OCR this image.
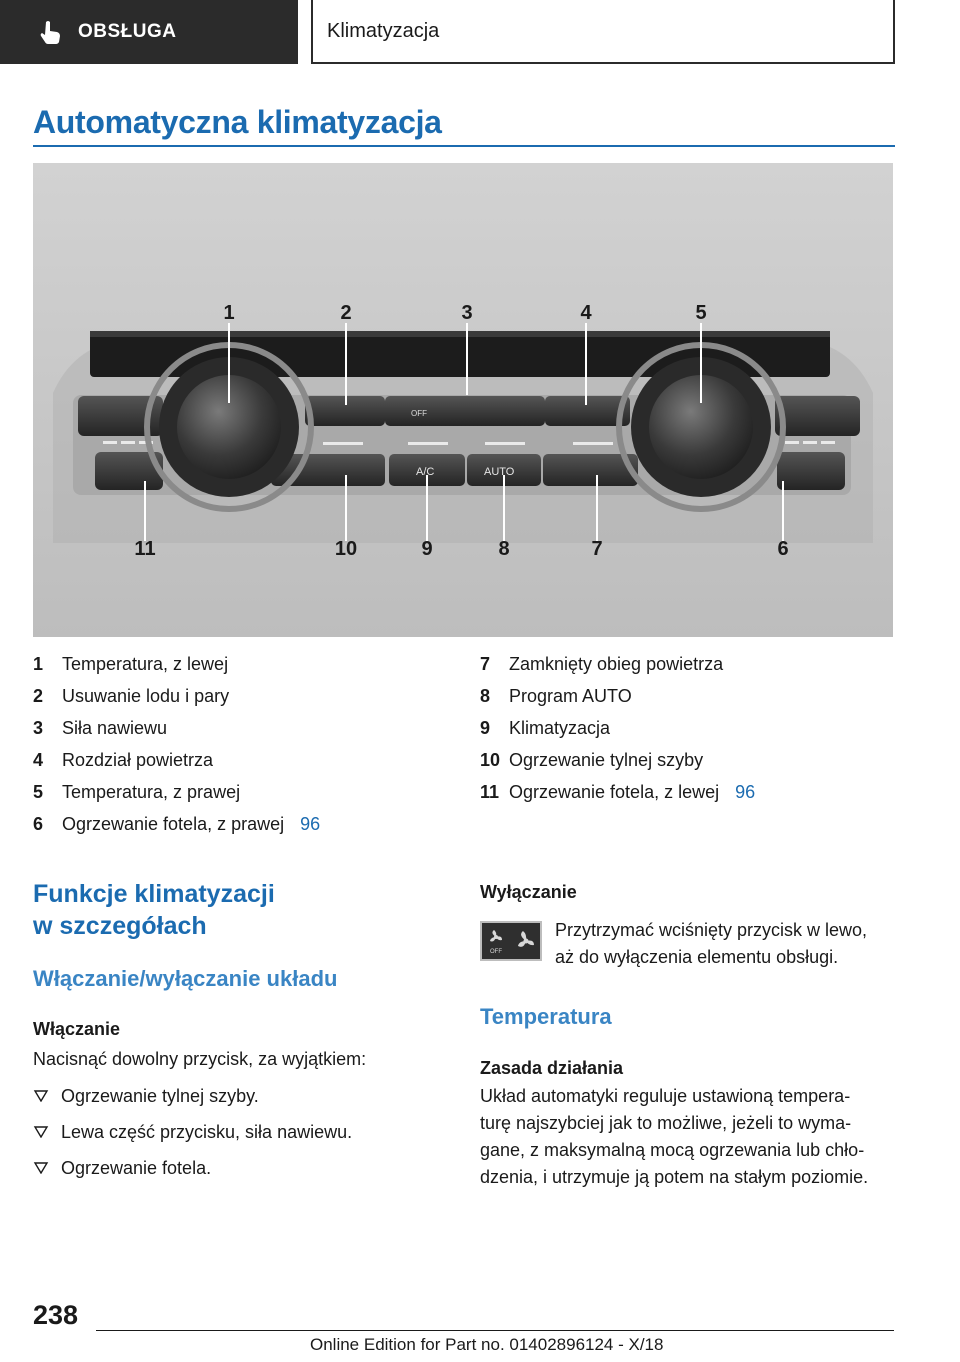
OBSŁUGA	Klimatyzacja
Automatyczna klimatyzacja
OFF
A/C	AUTO
1	2	3	4	5
11	10	9	8	7	6
1	Temperatura, z lewej
2	Usuwanie lodu i pary
3	Siła nawiewu
4	Rozdział powietrza
5	Temperatura, z prawej
6	Ogrzewanie fotela, z prawej 96
7	Zamknięty obieg powietrza
8	Program AUTO
9	Klimatyzacja
10 Ogrzewanie tylnej szyby
11 Ogrzewanie fotela, z lewej 96
Funkcje klimatyzacji
w szczegółach
Włączanie/wyłączanie układu
Włączanie
Nacisnąć dowolny przycisk, za wyjątkiem:
Ogrzewanie tylnej szyby.
Lewa część przycisku, siła nawiewu.
Ogrzewanie fotela.
Wyłączanie
OFF
Przytrzymać wciśnięty przycisk w lewo,
aż do wyłączenia elementu obsługi.
Temperatura
Zasada działania
Układ automatyki reguluje ustawioną tempera-
turę najszybciej jak to możliwe, jeżeli to wyma-
gane, z maksymalną mocą ogrzewania lub chło-
dzenia, i utrzymuje ją potem na stałym poziomie.
238
Online Edition for Part no. 01402896124 - X/18
